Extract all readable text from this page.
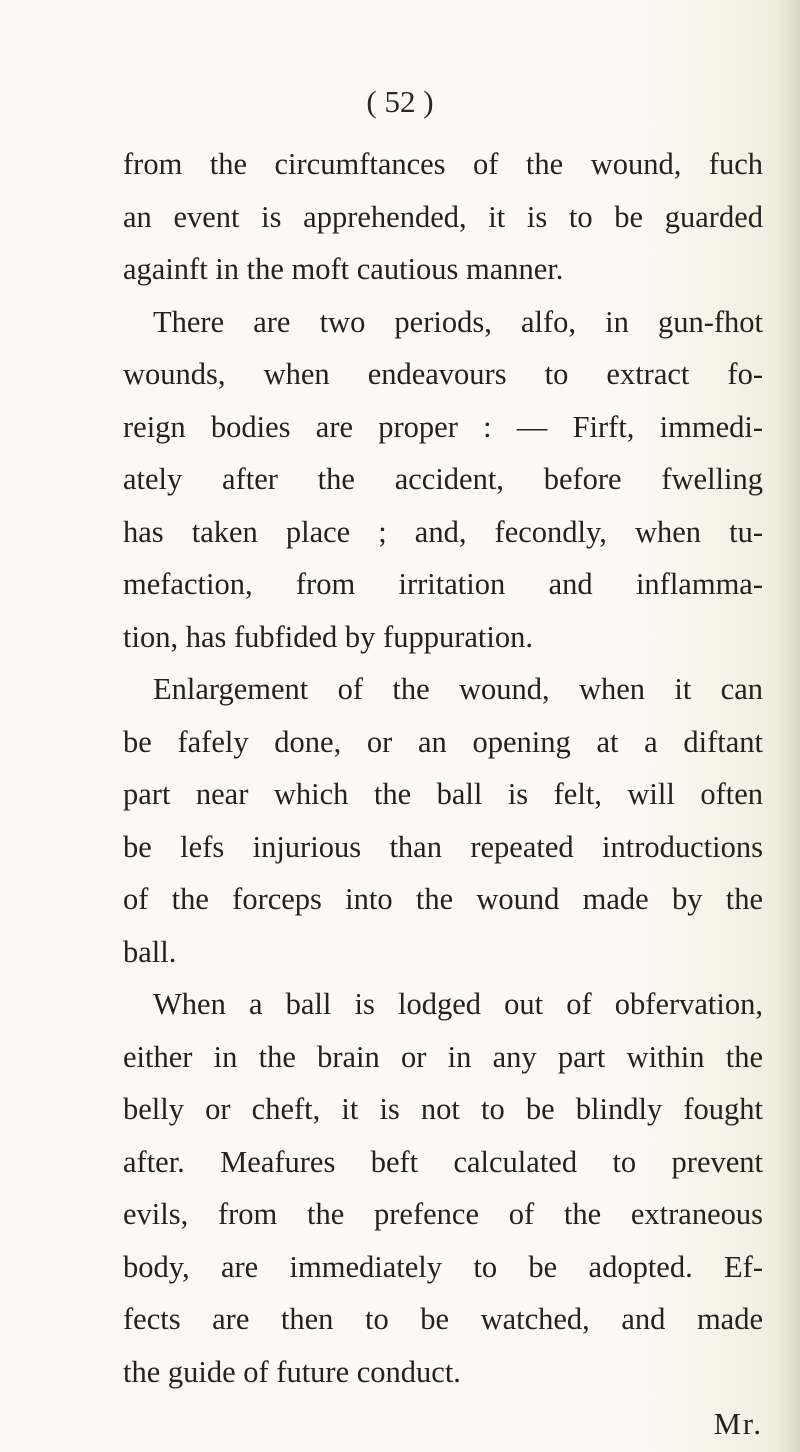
( 52 )

from the circumftances of the wound, fuch
an event is apprehended, it is to be guarded
againft in the moft cautious manner.
There are two periods, alfo, in gun-fhot
wounds, when endeavours to extract fo-
reign bodies are proper : — Firft, immedi-
ately after the accident, before fwelling
has taken place ; and, fecondly, when tu-
mefaction, from irritation and inflamma-
tion, has fubfided by fuppuration.
Enlargement of the wound, when it can
be fafely done, or an opening at a diftant
part near which the ball is felt, will often
be lefs injurious than repeated introductions
of the forceps into the wound made by the
ball.
When a ball is lodged out of obfervation,
either in the brain or in any part within the
belly or cheft, it is not to be blindly fought
after. Meafures beft calculated to prevent
evils, from the prefence of the extraneous
body, are immediately to be adopted. Ef-
fects are then to be watched, and made
the guide of future conduct.
Mr.
